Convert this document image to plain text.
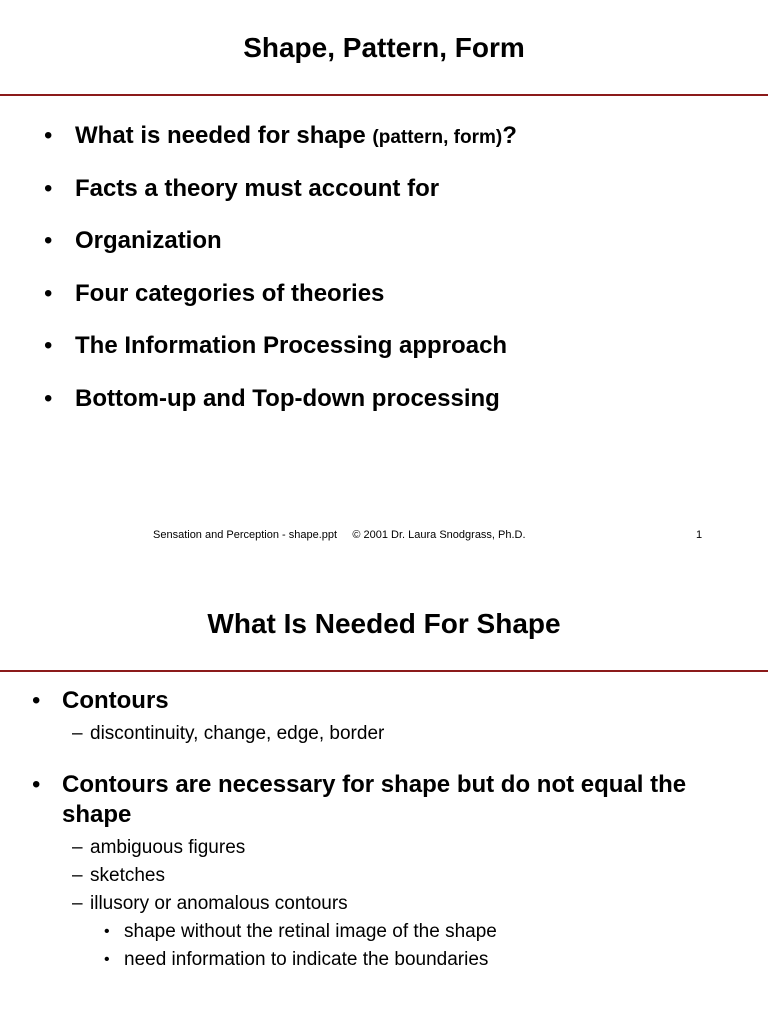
Shape, Pattern, Form
• What is needed for shape (pattern, form)?
• Facts a theory must account for
• Organization
• Four categories of theories
• The Information Processing approach
• Bottom-up and Top-down processing
Sensation and Perception - shape.ppt     © 2001 Dr. Laura Snodgrass, Ph.D.	1
What Is Needed For Shape
• Contours
– discontinuity, change, edge, border
• Contours are necessary for shape but do not equal the shape
– ambiguous figures
– sketches
– illusory or anomalous contours
• shape without the retinal image of the shape
• need information to indicate the boundaries
